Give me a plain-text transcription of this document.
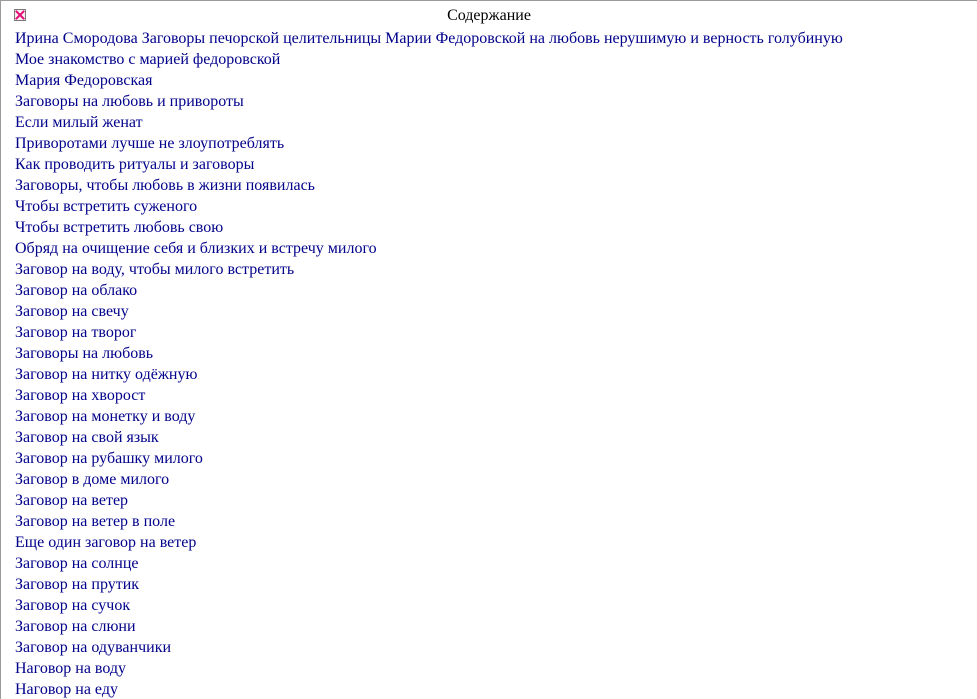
Содержание
Ирина Смородова Заговоры печорской целительницы Марии Федоровской на любовь нерушимую и верность голубиную
Мое знакомство с марией федоровской
Мария Федоровская
Заговоры на любовь и привороты
Если милый женат
Приворотами лучше не злоупотреблять
Как проводить ритуалы и заговоры
Заговоры, чтобы любовь в жизни появилась
Чтобы встретить суженого
Чтобы встретить любовь свою
Обряд на очищение себя и близких и встречу милого
Заговор на воду, чтобы милого встретить
Заговор на облако
Заговор на свечу
Заговор на творог
Заговоры на любовь
Заговор на нитку одёжную
Заговор на хворост
Заговор на монетку и воду
Заговор на свой язык
Заговор на рубашку милого
Заговор в доме милого
Заговор на ветер
Заговор на ветер в поле
Еще один заговор на ветер
Заговор на солнце
Заговор на прутик
Заговор на сучок
Заговор на слюни
Заговор на одуванчики
Наговор на воду
Наговор на еду
